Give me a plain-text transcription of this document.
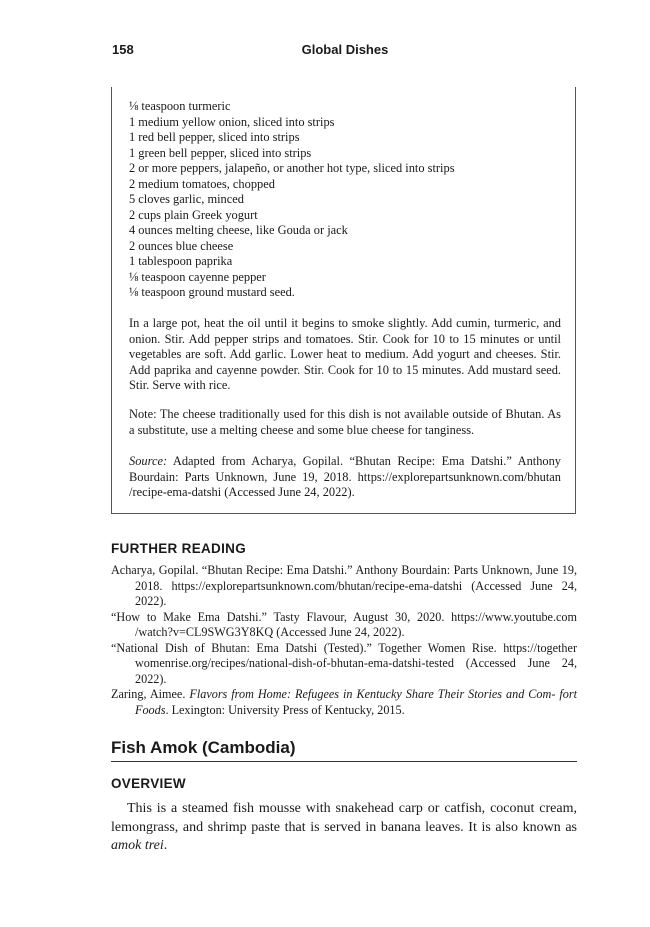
158	Global Dishes
⅛ teaspoon turmeric
1 medium yellow onion, sliced into strips
1 red bell pepper, sliced into strips
1 green bell pepper, sliced into strips
2 or more peppers, jalapeño, or another hot type, sliced into strips
2 medium tomatoes, chopped
5 cloves garlic, minced
2 cups plain Greek yogurt
4 ounces melting cheese, like Gouda or jack
2 ounces blue cheese
1 tablespoon paprika
⅛ teaspoon cayenne pepper
⅛ teaspoon ground mustard seed.
In a large pot, heat the oil until it begins to smoke slightly. Add cumin, turmeric, and onion. Stir. Add pepper strips and tomatoes. Stir. Cook for 10 to 15 minutes or until vegetables are soft. Add garlic. Lower heat to medium. Add yogurt and cheeses. Stir. Add paprika and cayenne powder. Stir. Cook for 10 to 15 minutes. Add mustard seed. Stir. Serve with rice.
Note: The cheese traditionally used for this dish is not available outside of Bhutan. As a substitute, use a melting cheese and some blue cheese for tanginess.
Source: Adapted from Acharya, Gopilal. “Bhutan Recipe: Ema Datshi.” Anthony Bourdain: Parts Unknown, June 19, 2018. https://explorepartsunknown.com/bhutan /recipe-ema-datshi (Accessed June 24, 2022).
FURTHER READING
Acharya, Gopilal. “Bhutan Recipe: Ema Datshi.” Anthony Bourdain: Parts Unknown, June 19, 2018. https://explorepartsunknown.com/bhutan/recipe-ema-datshi (Accessed June 24, 2022).
“How to Make Ema Datshi.” Tasty Flavour, August 30, 2020. https://www.youtube.com /watch?v=CL9SWG3Y8KQ (Accessed June 24, 2022).
“National Dish of Bhutan: Ema Datshi (Tested).” Together Women Rise. https://together womenrise.org/recipes/national-dish-of-bhutan-ema-datshi-tested (Accessed June 24, 2022).
Zaring, Aimee. Flavors from Home: Refugees in Kentucky Share Their Stories and Com- fort Foods. Lexington: University Press of Kentucky, 2015.
Fish Amok (Cambodia)
OVERVIEW
This is a steamed fish mousse with snakehead carp or catfish, coconut cream, lemongrass, and shrimp paste that is served in banana leaves. It is also known as amok trei.
